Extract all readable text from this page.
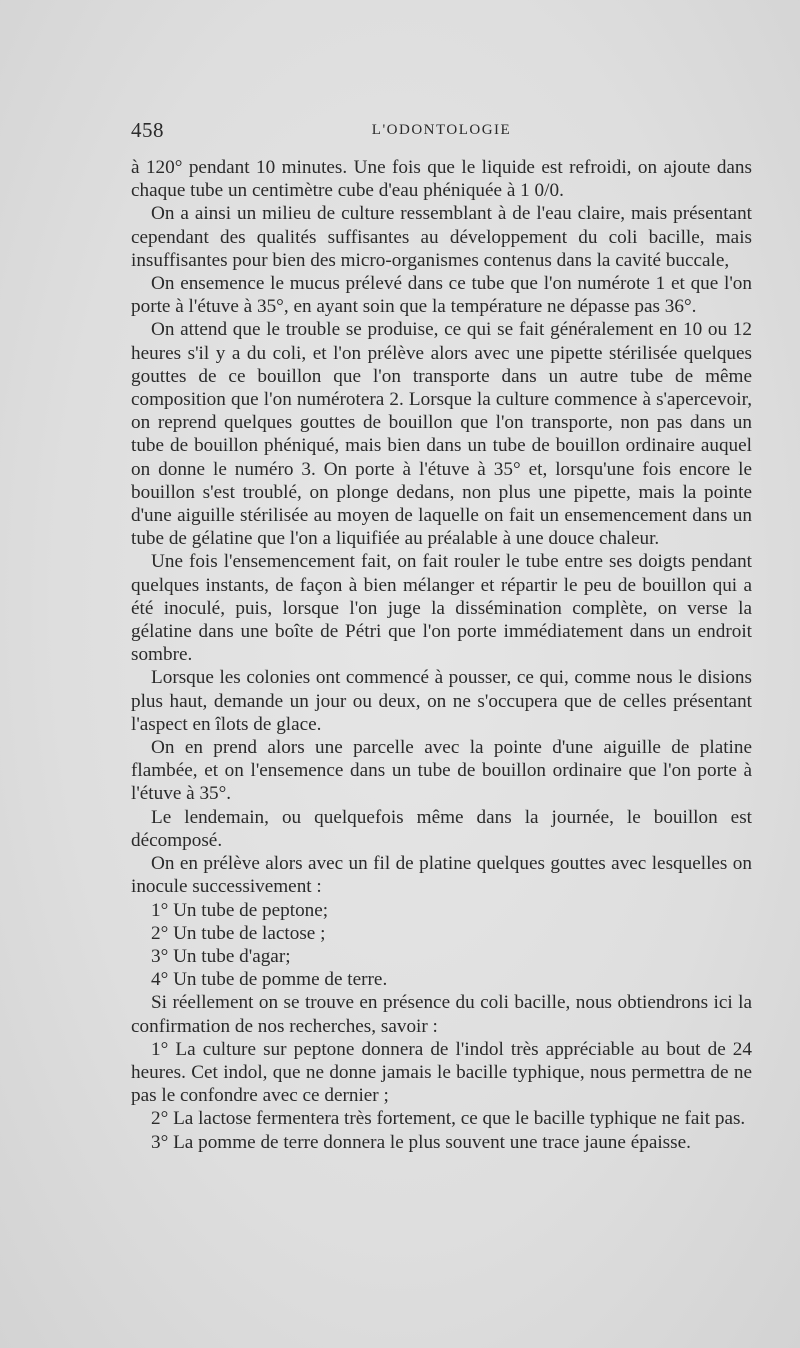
458	L'ODONTOLOGIE

à 120° pendant 10 minutes. Une fois que le liquide est refroidi, on ajoute dans chaque tube un centimètre cube d'eau phéniquée à 1 0/0.

On a ainsi un milieu de culture ressemblant à de l'eau claire, mais présentant cependant des qualités suffisantes au développement du coli bacille, mais insuffisantes pour bien des micro-organismes contenus dans la cavité buccale,

On ensemence le mucus prélevé dans ce tube que l'on numérote 1 et que l'on porte à l'étuve à 35°, en ayant soin que la température ne dépasse pas 36°.

On attend que le trouble se produise, ce qui se fait généralement en 10 ou 12 heures s'il y a du coli, et l'on prélève alors avec une pipette stérilisée quelques gouttes de ce bouillon que l'on transporte dans un autre tube de même composition que l'on numérotera 2. Lorsque la culture commence à s'apercevoir, on reprend quelques gouttes de bouillon que l'on transporte, non pas dans un tube de bouillon phéniqué, mais bien dans un tube de bouillon ordinaire auquel on donne le numéro 3. On porte à l'étuve à 35° et, lorsqu'une fois encore le bouillon s'est troublé, on plonge dedans, non plus une pipette, mais la pointe d'une aiguille stérilisée au moyen de laquelle on fait un ensemencement dans un tube de gélatine que l'on a liquifiée au préalable à une douce chaleur.

Une fois l'ensemencement fait, on fait rouler le tube entre ses doigts pendant quelques instants, de façon à bien mélanger et répartir le peu de bouillon qui a été inoculé, puis, lorsque l'on juge la dissémination complète, on verse la gélatine dans une boîte de Pétri que l'on porte immédiatement dans un endroit sombre.

Lorsque les colonies ont commencé à pousser, ce qui, comme nous le disions plus haut, demande un jour ou deux, on ne s'occupera que de celles présentant l'aspect en îlots de glace.

On en prend alors une parcelle avec la pointe d'une aiguille de platine flambée, et on l'ensemence dans un tube de bouillon ordinaire que l'on porte à l'étuve à 35°.

Le lendemain, ou quelquefois même dans la journée, le bouillon est décomposé.

On en prélève alors avec un fil de platine quelques gouttes avec lesquelles on inocule successivement :

1° Un tube de peptone;

2° Un tube de lactose ;

3° Un tube d'agar;

4° Un tube de pomme de terre.

Si réellement on se trouve en présence du coli bacille, nous obtiendrons ici la confirmation de nos recherches, savoir :

1° La culture sur peptone donnera de l'indol très appréciable au bout de 24 heures. Cet indol, que ne donne jamais le bacille typhique, nous permettra de ne pas le confondre avec ce dernier ;

2° La lactose fermentera très fortement, ce que le bacille typhique ne fait pas.

3° La pomme de terre donnera le plus souvent une trace jaune épaisse.
